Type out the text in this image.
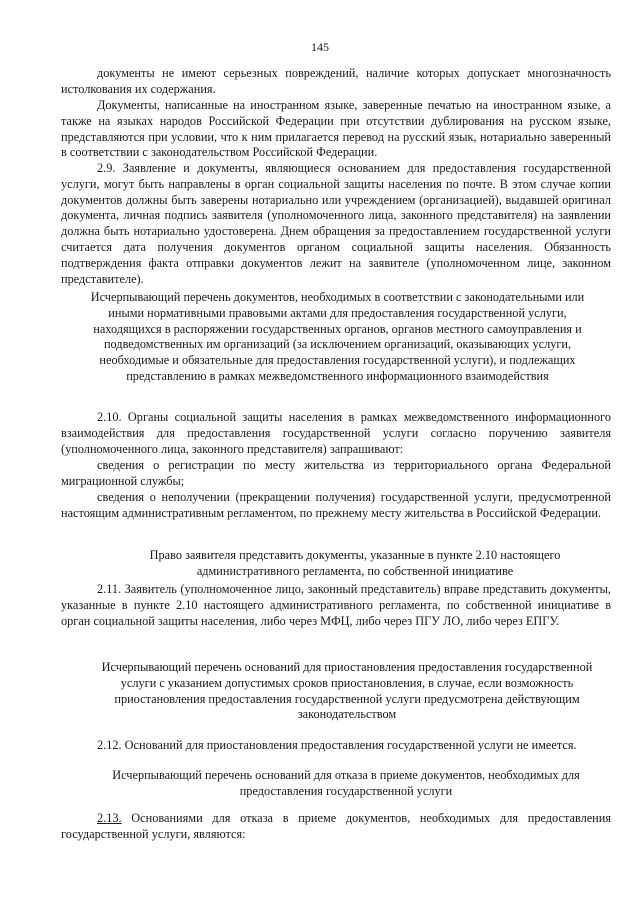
145

документы не имеют серьезных повреждений, наличие которых допускает многозначность истолкования их содержания.

Документы, написанные на иностранном языке, заверенные печатью на иностранном языке, а также на языках народов Российской Федерации при отсутствии дублирования на русском языке, представляются при условии, что к ним прилагается перевод на русский язык, нотариально заверенный в соответствии с законодательством Российской Федерации.

2.9. Заявление и документы, являющиеся основанием для предоставления государственной услуги, могут быть направлены в орган социальной защиты населения по почте. В этом случае копии документов должны быть заверены нотариально или учреждением (организацией), выдавшей оригинал документа, личная подпись заявителя (уполномоченного лица, законного представителя) на заявлении должна быть нотариально удостоверена. Днем обращения за предоставлением государственной услуги считается дата получения документов органом социальной защиты населения. Обязанность подтверждения факта отправки документов лежит на заявителе (уполномоченном лице, законном представителе).

Исчерпывающий перечень документов, необходимых в соответствии с законодательными или иными нормативными правовыми актами для предоставления государственной услуги, находящихся в распоряжении государственных органов, органов местного самоуправления и подведомственных им организаций (за исключением организаций, оказывающих услуги, необходимые и обязательные для предоставления государственной услуги), и подлежащих представлению в рамках межведомственного информационного взаимодействия

2.10. Органы социальной защиты населения в рамках межведомственного информационного взаимодействия для предоставления государственной услуги согласно поручению заявителя (уполномоченного лица, законного представителя) запрашивают:

сведения о регистрации по месту жительства из территориального органа Федеральной миграционной службы;

сведения о неполучении (прекращении получения) государственной услуги, предусмотренной настоящим административным регламентом, по прежнему месту жительства в Российской Федерации.

Право заявителя представить документы, указанные в пункте 2.10 настоящего административного регламента, по собственной инициативе

2.11. Заявитель (уполномоченное лицо, законный представитель) вправе представить документы, указанные в пункте 2.10 настоящего административного регламента, по собственной инициативе в орган социальной защиты населения, либо через МФЦ, либо через ПГУ ЛО, либо через ЕПГУ.

Исчерпывающий перечень оснований для приостановления предоставления государственной услуги с указанием допустимых сроков приостановления, в случае, если возможность приостановления предоставления государственной услуги предусмотрена действующим законодательством

2.12. Оснований для приостановления предоставления государственной услуги не имеется.

Исчерпывающий перечень оснований для отказа в приеме документов, необходимых для предоставления государственной услуги

2.13. Основаниями для отказа в приеме документов, необходимых для предоставления государственной услуги, являются:
